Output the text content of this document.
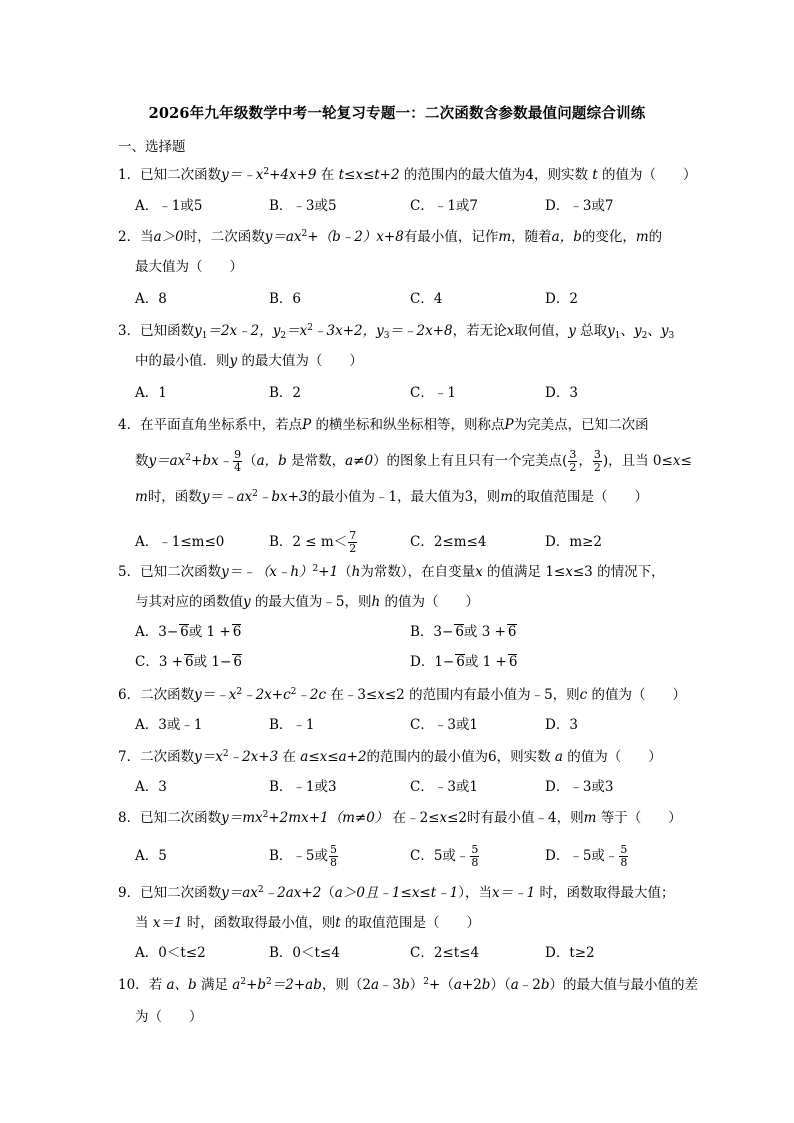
2026年九年级数学中考一轮复习专题一：二次函数含参数最值问题综合训练
一、选择题
1．已知二次函数$y=﹣x^2+4x+9$ 在 t≤x≤t+2 的范围内的最大值为4，则实数 t 的值为（　　）
A．﹣1或5	B．﹣3或5	C．﹣1或7	D．﹣3或7
2．当a＞0时，二次函数$y=ax^2+(b﹣2)x+8$有最小值，记作m，随着a，b的变化，m的
最大值为（　　）
A．8	B．6	C．4	D．2
3．已知函数$y_1=2x﹣2$，$y_2=x^2﹣3x+2$，$y_3=﹣2x+8$，若无论x取何值，y 总取$y_1$、$y_2$、$y_3$
中的最小值．则y 的最大值为（　　）
A．1	B．2	C．﹣1	D．3
4．在平面直角坐标系中，若点P 的横坐标和纵坐标相等，则称点P为完美点，已知二次函
数$y=ax^2+bx﹣ \frac{9}{4} (a$，b 是常数，a≠0）的图象上有且只有一个完美点( $\frac{3}{2}$ ， $\frac{3}{2}$ )，且当 0≤x≤
m时，函数$y=﹣ax^2﹣bx+3$的最小值为﹣1，最大值为3，则m的取值范围是（　　）
A．﹣1≤m≤0	B．$2 \le m< \frac{7}{2}$	C．2≤m≤4	D．m≥2
5．已知二次函数y＝﹣（x﹣h）$^2$+1（h为常数），在自变量x 的值满足 1≤x≤3 的情况下，
与其对应的函数值y 的最大值为﹣5，则h 的值为（　　）
A．3− 6或 1 + 6	B．3− 6或 3 + 6
C．3 + 6或 1− 6	D．1− 6或 1 + 6
6．二次函数$y=﹣x^2﹣2x+c^2﹣2c$ 在﹣3≤x≤2 的范围内有最小值为﹣5，则c 的值为（　　）
A．3或﹣1	B．﹣1	C．﹣3或1	D．3
7．二次函数$y=x^2﹣2x+3$ 在 a≤x≤a+2的范围内的最小值为6，则实数 a 的值为（　　）
A．3	B．﹣1或3	C．﹣3或1	D．﹣3或3
8．已知二次函数$y=mx^2+2mx+1(m\ne 0)$ 在﹣2≤x≤2时有最小值﹣4，则m 等于（　　）
A．5	B．﹣5或 $\frac{5}{8}$	C．5或﹣ $\frac{5}{8}$	D．﹣5或﹣ $\frac{5}{8}$
9．已知二次函数$y=ax^2﹣2ax+2(a>0$且﹣1≤x≤t﹣1），当x＝﹣1 时，函数取得最大值；
当 x＝1 时，函数取得最小值，则t 的取值范围是（　　）
A．0＜t≤2	B．0＜t≤4	C．2≤t≤4	D．t≥2
10．若 a、b 满足 $a^2+b^2=2+ab$，则（2a﹣3b）$^2$+（a+2b）（a﹣2b）的最大值与最小值的差
为（　　）
